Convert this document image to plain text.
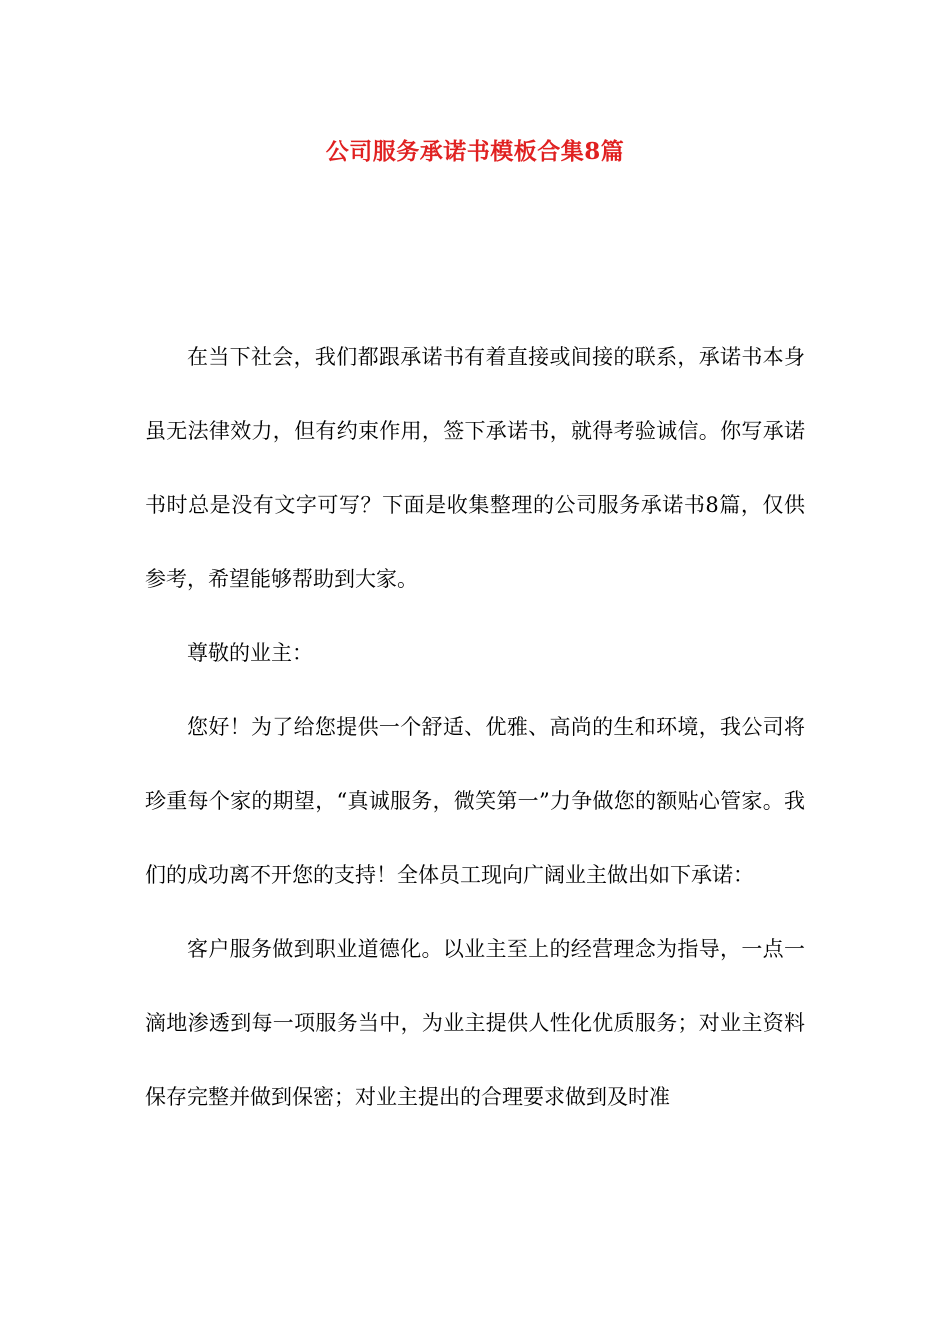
公司服务承诺书模板合集8篇

在当下社会，我们都跟承诺书有着直接或间接的联系，承诺书本身虽无法律效力，但有约束作用，签下承诺书，就得考验诚信。你写承诺书时总是没有文字可写？下面是收集整理的公司服务承诺书8篇，仅供参考，希望能够帮助到大家。

尊敬的业主：

您好！为了给您提供一个舒适、优雅、高尚的生和环境，我公司将珍重每个家的期望，“真诚服务，微笑第一”力争做您的额贴心管家。我们的成功离不开您的支持！全体员工现向广阔业主做出如下承诺：

客户服务做到职业道德化。以业主至上的经营理念为指导，一点一滴地渗透到每一项服务当中，为业主提供人性化优质服务；对业主资料保存完整并做到保密；对业主提出的合理要求做到及时准
